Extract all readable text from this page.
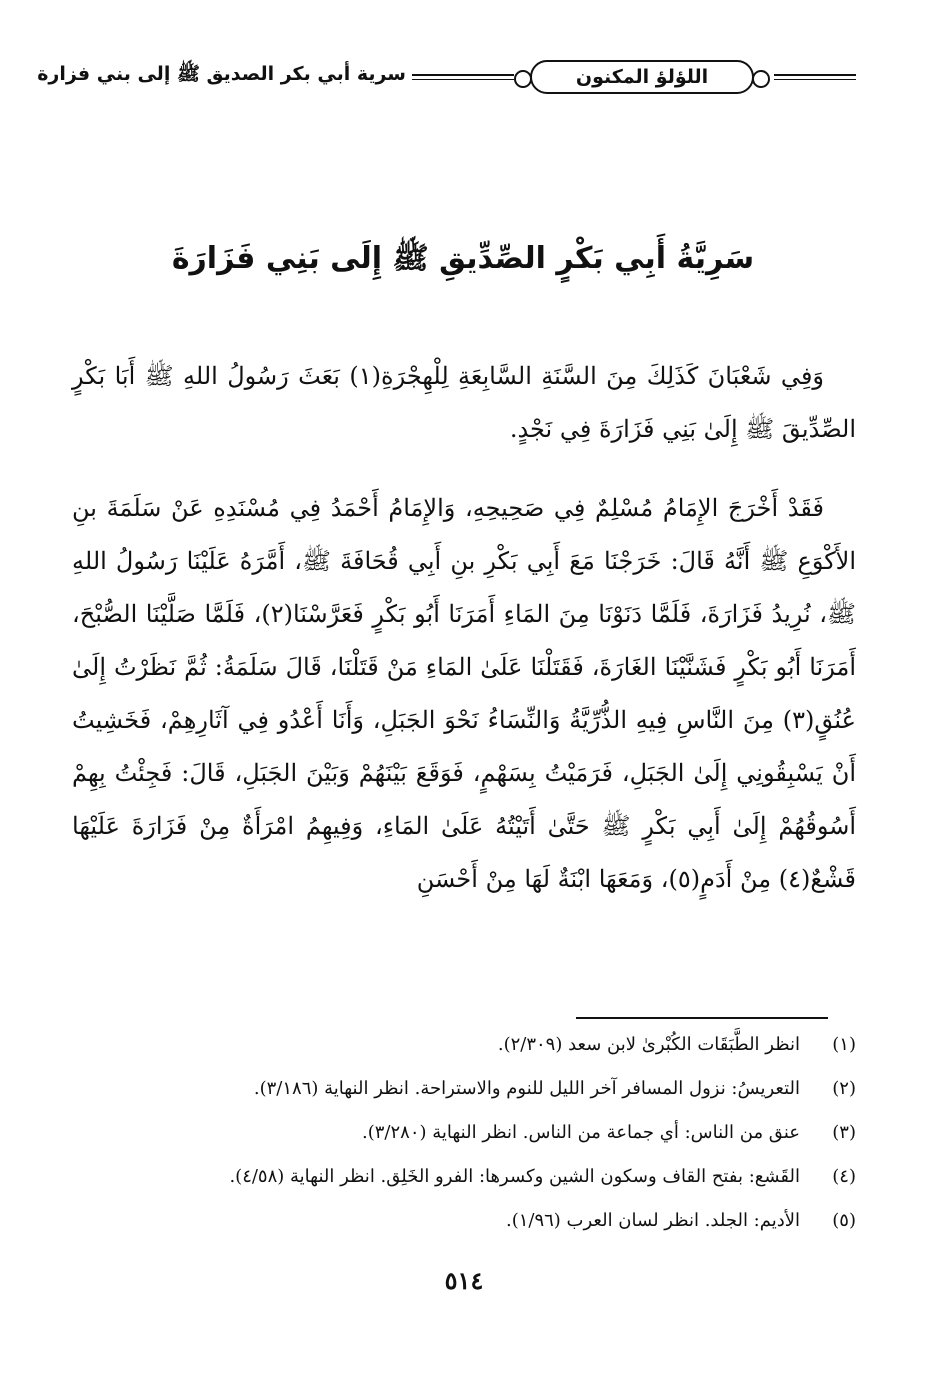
اللؤلؤ المكنون
سرية أبي بكر الصديق ﷺ إلى بني فزارة
سَرِيَّةُ أَبِي بَكْرٍ الصِّدِّيقِ ﷺ إِلَى بَنِي فَزَارَةَ

وَفِي شَعْبَانَ كَذَلِكَ مِنَ السَّنَةِ السَّابِعَةِ لِلْهِجْرَةِ(١) بَعَثَ رَسُولُ اللهِ ﷺ أَبَا بَكْرٍ الصِّدِّيقَ ﷺ إِلَىٰ بَنِي فَزَارَةَ فِي نَجْدٍ.

فَقَدْ أَخْرَجَ الإِمَامُ مُسْلِمٌ فِي صَحِيحِهِ، وَالإِمَامُ أَحْمَدُ فِي مُسْنَدِهِ عَنْ سَلَمَةَ بنِ الأَكْوَعِ ﷺ أَنَّهُ قَالَ: خَرَجْنَا مَعَ أَبِي بَكْرِ بنِ أَبِي قُحَافَةَ ﷺ، أَمَّرَهُ عَلَيْنَا رَسُولُ اللهِ ﷺ، نُرِيدُ فَزَارَةَ، فَلَمَّا دَنَوْنَا مِنَ المَاءِ أَمَرَنَا أَبُو بَكْرٍ فَعَرَّسْنَا(٢)، فَلَمَّا صَلَّيْنَا الصُّبْحَ، أَمَرَنَا أَبُو بَكْرٍ فَشَنَّيْنَا الغَارَةَ، فَقَتَلْنَا عَلَىٰ المَاءِ مَنْ قَتَلْنَا، قَالَ سَلَمَةُ: ثُمَّ نَظَرْتُ إِلَىٰ عُنُقٍ(٣) مِنَ النَّاسِ فِيهِ الذُّرِّيَّةُ وَالنِّسَاءُ نَحْوَ الجَبَلِ، وَأَنَا أَعْدُو فِي آثَارِهِمْ، فَخَشِيتُ أَنْ يَسْبِقُونِي إِلَىٰ الجَبَلِ، فَرَمَيْتُ بِسَهْمٍ، فَوَقَعَ بَيْنَهُمْ وَبَيْنَ الجَبَلِ، قَالَ: فَجِئْتُ بِهِمْ أَسُوقُهُمْ إِلَىٰ أَبِي بَكْرٍ ﷺ حَتَّىٰ أَتَيْتُهُ عَلَىٰ المَاءِ، وَفِيهِمُ امْرَأَةٌ مِنْ فَزَارَةَ عَلَيْهَا قَشْعٌ(٤) مِنْ أَدَمٍ(٥)، وَمَعَهَا ابْنَةٌ لَهَا مِنْ أَحْسَنِ

(١)
انظر الطَّبَقَات الكُبْرىٰ لابن سعد (٢/٣٠٩).
(٢)
التعريسُ: نزول المسافر آخر الليل للنوم والاستراحة. انظر النهاية (٣/١٨٦).
(٣)
عنق من الناس: أي جماعة من الناس. انظر النهاية (٣/٢٨٠).
(٤)
القَشع: بفتح القاف وسكون الشين وكسرها: الفرو الخَلِق. انظر النهاية (٤/٥٨).
(٥)
الأديم: الجلد. انظر لسان العرب (١/٩٦).
٥١٤
